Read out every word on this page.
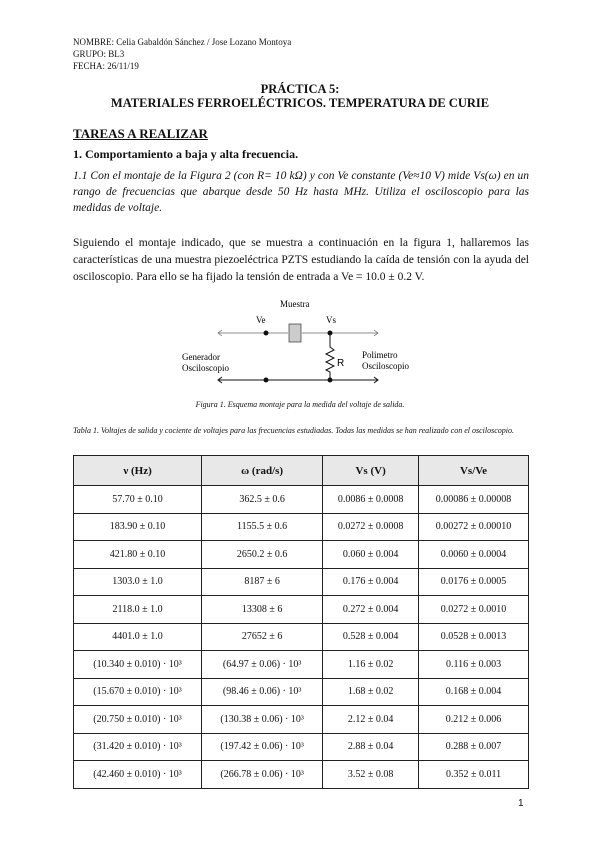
NOMBRE: Celia Gabaldón Sánchez / Jose Lozano Montoya
GRUPO: BL3
FECHA: 26/11/19
PRÁCTICA 5:
MATERIALES FERROELÉCTRICOS. TEMPERATURA DE CURIE
TAREAS A REALIZAR
1. Comportamiento a baja y alta frecuencia.
1.1 Con el montaje de la Figura 2 (con R= 10 kΩ) y con Ve constante (Ve≈10 V) mide Vs(ω) en un rango de frecuencias que abarque desde 50 Hz hasta MHz. Utiliza el osciloscopio para las medidas de voltaje.
Siguiendo el montaje indicado, que se muestra a continuación en la figura 1, hallaremos las características de una muestra piezoeléctrica PZTS estudiando la caída de tensión con la ayuda del osciloscopio. Para ello se ha fijado la tensión de entrada a Ve = 10.0 ± 0.2 V.
Muestra
Ve	Vs
R
Generador
Osciloscopio
Polimetro
Osciloscopio
Figura 1. Esquema montaje para la medida del voltaje de salida.
Tabla 1. Voltajes de salida y cociente de voltajes para las frecuencias estudiadas. Todas las medidas se han realizado con el osciloscopio.
ν (Hz)	ω (rad/s)	Vs (V)	Vs/Ve
57.70 ± 0.10	362.5 ± 0.6	0.0086 ± 0.0008	0.00086 ± 0.00008
183.90 ± 0.10	1155.5 ± 0.6	0.0272 ± 0.0008	0.00272 ± 0.00010
421.80 ± 0.10	2650.2 ± 0.6	0.060 ± 0.004	0.0060 ± 0.0004
1303.0 ± 1.0	8187 ± 6	0.176 ± 0.004	0.0176 ± 0.0005
2118.0 ± 1.0	13308 ± 6	0.272 ± 0.004	0.0272 ± 0.0010
4401.0 ± 1.0	27652 ± 6	0.528 ± 0.004	0.0528 ± 0.0013
(10.340 ± 0.010) · 10³	(64.97 ± 0.06) · 10³	1.16 ± 0.02	0.116 ± 0.003
(15.670 ± 0.010) · 10³	(98.46 ± 0.06) · 10³	1.68 ± 0.02	0.168 ± 0.004
(20.750 ± 0.010) · 10³	(130.38 ± 0.06) · 10³	2.12 ± 0.04	0.212 ± 0.006
(31.420 ± 0.010) · 10³	(197.42 ± 0.06) · 10³	2.88 ± 0.04	0.288 ± 0.007
(42.460 ± 0.010) · 10³	(266.78 ± 0.06) · 10³	3.52 ± 0.08	0.352 ± 0.011
1
